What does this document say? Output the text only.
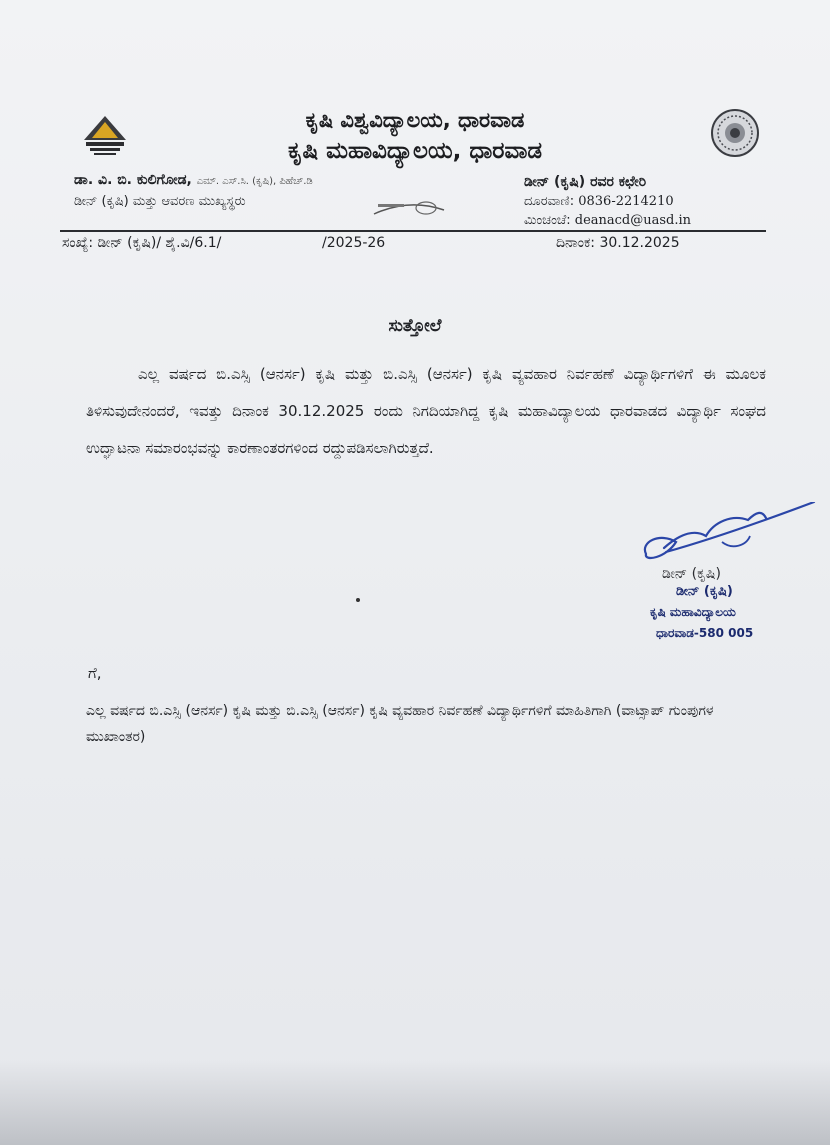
ಕೃಷಿ ವಿಶ್ವವಿದ್ಯಾಲಯ, ಧಾರವಾಡ
ಕೃಷಿ ಮಹಾವಿದ್ಯಾಲಯ, ಧಾರವಾಡ
ಡಾ. ವಿ. ಬಿ. ಕುಲಿಗೋಡ, ಎಮ್. ಎಸ್.ಸಿ. (ಕೃಷಿ), ಪಿಹೆಚ್.ಡಿ
ಡೀನ್ (ಕೃಷಿ) ಮತ್ತು ಆವರಣ ಮುಖ್ಯಸ್ಥರು
ಡೀನ್ (ಕೃಷಿ) ರವರ ಕಛೇರಿ
ದೂರವಾಣಿ: 0836-2214210
ಮಿಂಚಂಚೆ: deanacd@uasd.in
ಸಂಖ್ಯೆ: ಡೀನ್ (ಕೃಷಿ)/ ಶೈ.ವಿ/6.1/	/2025-26	ದಿನಾಂಕ: 30.12.2025
ಸುತ್ತೋಲೆ
ಎಲ್ಲ ವರ್ಷದ ಬಿ.ಎಸ್ಸಿ (ಆನರ್ಸ) ಕೃಷಿ ಮತ್ತು ಬಿ.ಎಸ್ಸಿ (ಆನರ್ಸ) ಕೃಷಿ ವ್ಯವಹಾರ ನಿರ್ವಹಣೆ ವಿದ್ಯಾರ್ಥಿಗಳಿಗೆ ಈ ಮೂಲಕ ತಿಳಿಸುವುದೇನಂದರೆ, ಇವತ್ತು ದಿನಾಂಕ 30.12.2025 ರಂದು ನಿಗದಿಯಾಗಿದ್ದ ಕೃಷಿ ಮಹಾವಿದ್ಯಾಲಯ ಧಾರವಾಡದ ವಿದ್ಯಾರ್ಥಿ ಸಂಘದ ಉದ್ಘಾಟನಾ ಸಮಾರಂಭವನ್ನು ಕಾರಣಾಂತರಗಳಿಂದ ರದ್ದುಪಡಿಸಲಾಗಿರುತ್ತದೆ.
ಡೀನ್ (ಕೃಷಿ)
ಡೀನ್ (ಕೃಷಿ)
ಕೃಷಿ ಮಹಾವಿದ್ಯಾಲಯ
ಧಾರವಾಡ-580 005
ಗೆ,
ಎಲ್ಲ ವರ್ಷದ ಬಿ.ಎಸ್ಸಿ (ಆನರ್ಸ) ಕೃಷಿ ಮತ್ತು ಬಿ.ಎಸ್ಸಿ (ಆನರ್ಸ) ಕೃಷಿ ವ್ಯವಹಾರ ನಿರ್ವಹಣೆ ವಿದ್ಯಾರ್ಥಿಗಳಿಗೆ ಮಾಹಿತಿಗಾಗಿ (ವಾಟ್ಸಾಪ್ ಗುಂಪುಗಳ ಮುಖಾಂತರ)
